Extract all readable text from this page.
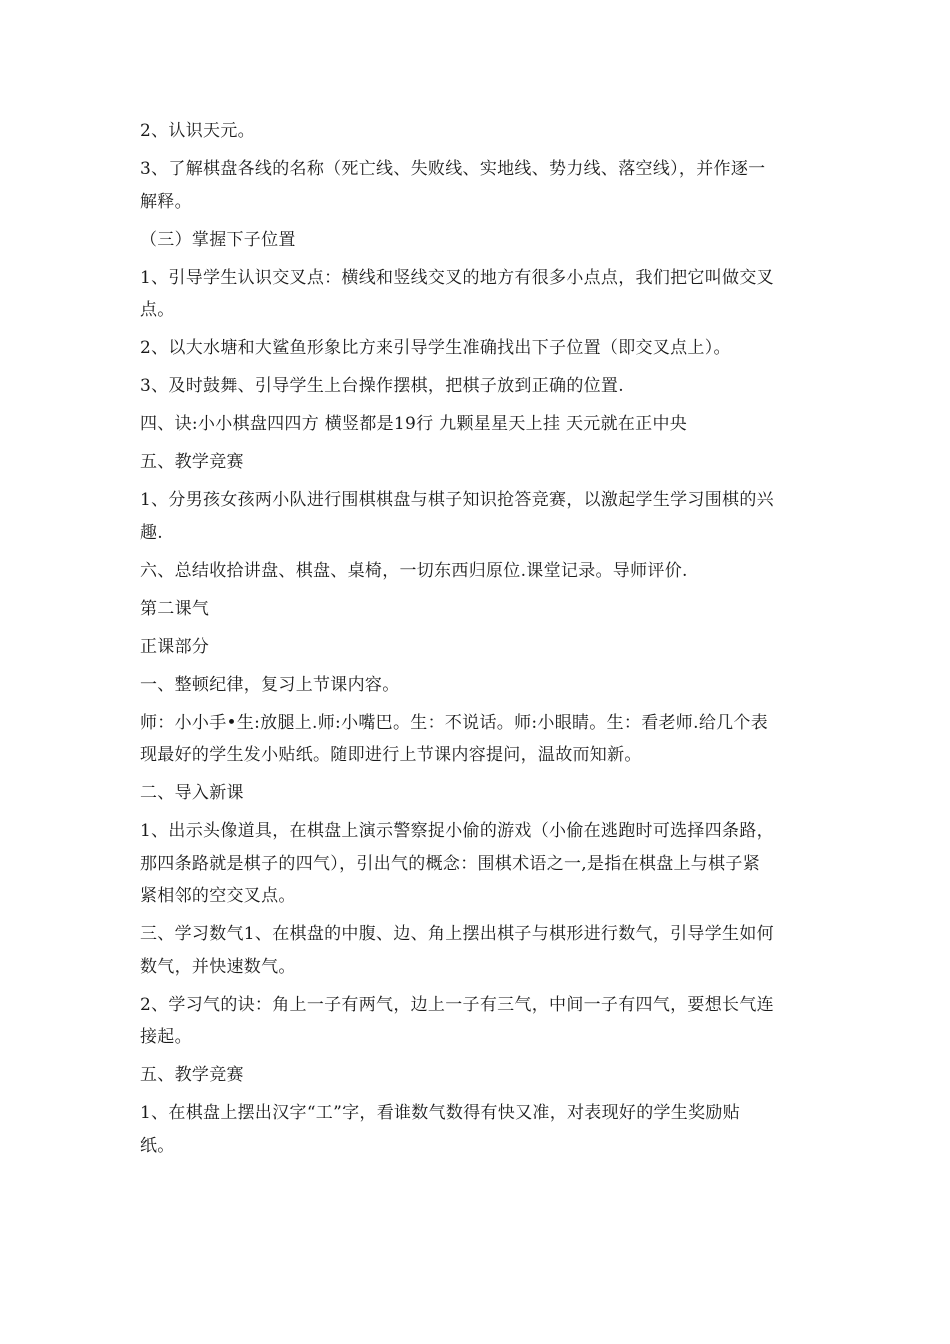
2、认识天元。
3、了解棋盘各线的名称（死亡线、失败线、实地线、势力线、落空线），并作逐一
解释。
（三）掌握下子位置
1、引导学生认识交叉点：横线和竖线交叉的地方有很多小点点，我们把它叫做交叉
点。
2、以大水塘和大鲨鱼形象比方来引导学生准确找出下子位置（即交叉点上）。
3、及时鼓舞、引导学生上台操作摆棋，把棋子放到正确的位置.
四、诀:小小棋盘四四方 横竖都是19行 九颗星星天上挂 天元就在正中央
五、教学竞赛
1、分男孩女孩两小队进行围棋棋盘与棋子知识抢答竞赛，以激起学生学习围棋的兴
趣.
六、总结收拾讲盘、棋盘、桌椅，一切东西归原位.课堂记录。导师评价.
第二课气
正课部分
一、整顿纪律，复习上节课内容。
师：小小手•生:放腿上.师:小嘴巴。生：不说话。师:小眼睛。生：看老师.给几个表
现最好的学生发小贴纸。随即进行上节课内容提问，温故而知新。
二、导入新课
1、出示头像道具，在棋盘上演示警察捉小偷的游戏（小偷在逃跑时可选择四条路，
那四条路就是棋子的四气），引出气的概念：围棋术语之一,是指在棋盘上与棋子紧
紧相邻的空交叉点。
三、学习数气1、在棋盘的中腹、边、角上摆出棋子与棋形进行数气，引导学生如何
数气，并快速数气。
2、学习气的诀：角上一子有两气，边上一子有三气，中间一子有四气，要想长气连
接起。
五、教学竞赛
1、在棋盘上摆出汉字“工”字，看谁数气数得有快又准，对表现好的学生奖励贴
纸。
